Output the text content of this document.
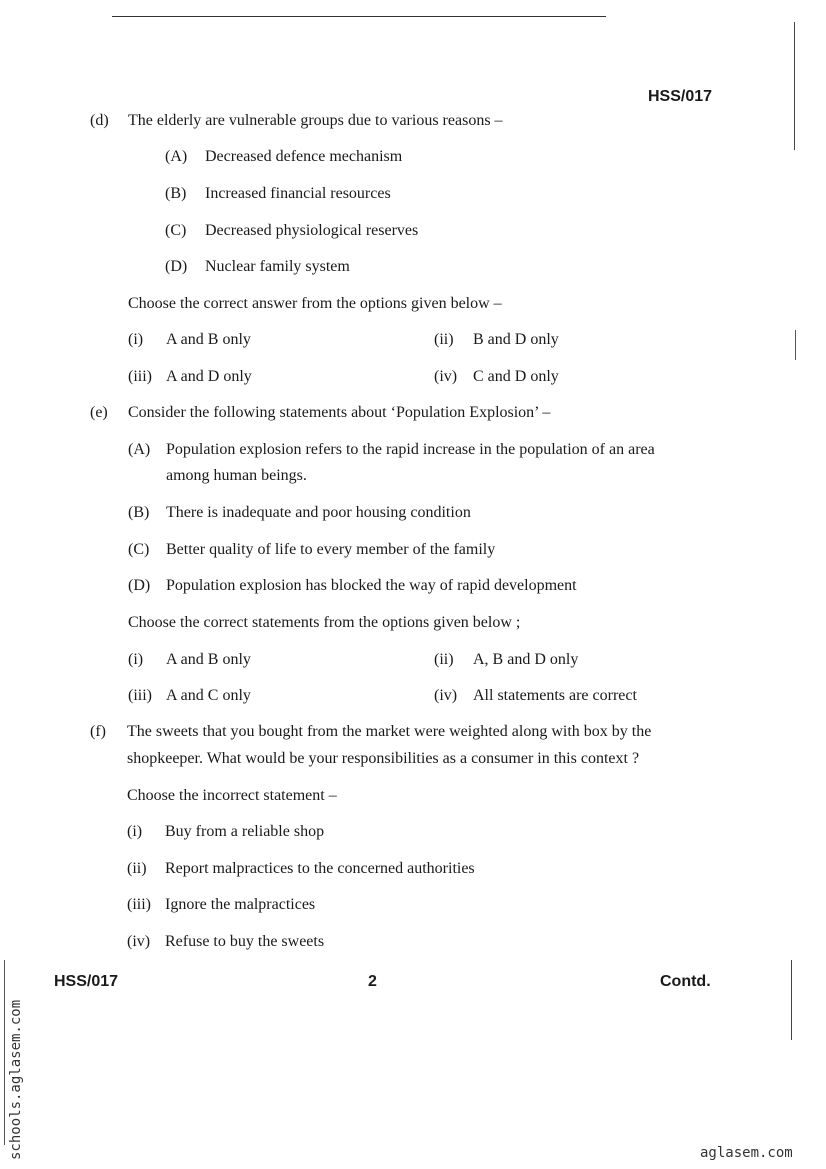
HSS/017
(d) The elderly are vulnerable groups due to various reasons –
(A) Decreased defence mechanism
(B) Increased financial resources
(C) Decreased physiological reserves
(D) Nuclear family system
Choose the correct answer from the options given below –
(i) A and B only	(ii) B and D only
(iii) A and D only	(iv) C and D only
(e) Consider the following statements about ‘Population Explosion’ –
(A) Population explosion refers to the rapid increase in the population of an area
among human beings.
(B) There is inadequate and poor housing condition
(C) Better quality of life to every member of the family
(D) Population explosion has blocked the way of rapid development
Choose the correct statements from the options given below ;
(i) A and B only	(ii) A, B and D only
(iii) A and C only	(iv) All statements are correct
(f) The sweets that you bought from the market were weighted along with box by the
shopkeeper. What would be your responsibilities as a consumer in this context ?
Choose the incorrect statement –
(i) Buy from a reliable shop
(ii) Report malpractices to the concerned authorities
(iii) Ignore the malpractices
(iv) Refuse to buy the sweets
HSS/017	2	Contd.
schools.aglasem.com	aglasem.com
